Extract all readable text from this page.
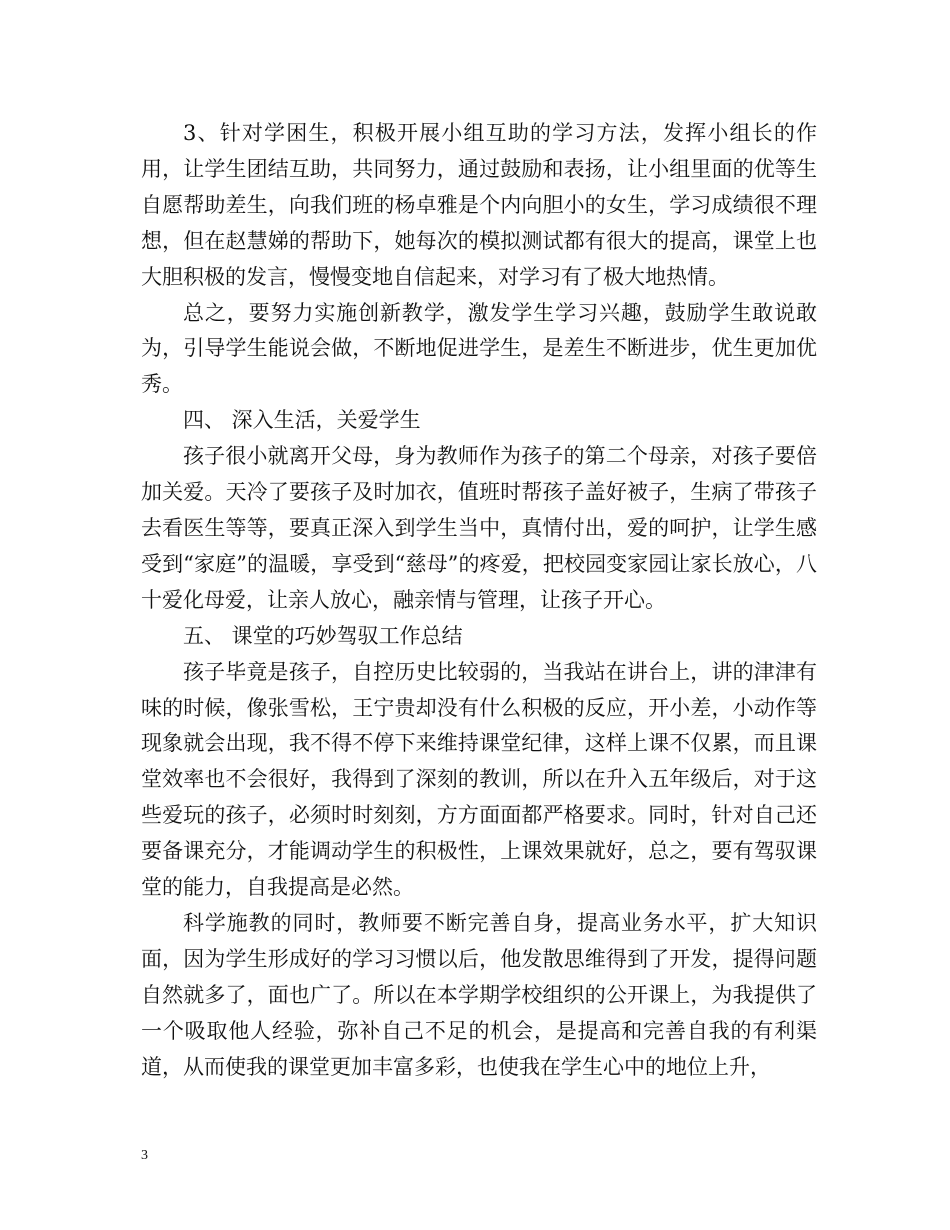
3、针对学困生，积极开展小组互助的学习方法，发挥小组长的作用，让学生团结互助，共同努力，通过鼓励和表扬，让小组里面的优等生自愿帮助差生，向我们班的杨卓雅是个内向胆小的女生，学习成绩很不理想，但在赵慧娣的帮助下，她每次的模拟测试都有很大的提高，课堂上也大胆积极的发言，慢慢变地自信起来，对学习有了极大地热情。

总之，要努力实施创新教学，激发学生学习兴趣，鼓励学生敢说敢为，引导学生能说会做，不断地促进学生，是差生不断进步，优生更加优秀。

四、 深入生活，关爱学生

孩子很小就离开父母，身为教师作为孩子的第二个母亲，对孩子要倍加关爱。天冷了要孩子及时加衣，值班时帮孩子盖好被子，生病了带孩子去看医生等等，要真正深入到学生当中，真情付出，爱的呵护，让学生感受到“家庭”的温暖，享受到“慈母”的疼爱，把校园变家园让家长放心，八十爱化母爱，让亲人放心，融亲情与管理，让孩子开心。

五、 课堂的巧妙驾驭工作总结

孩子毕竟是孩子，自控历史比较弱的，当我站在讲台上，讲的津津有味的时候，像张雪松，王宁贵却没有什么积极的反应，开小差，小动作等现象就会出现，我不得不停下来维持课堂纪律，这样上课不仅累，而且课堂效率也不会很好，我得到了深刻的教训，所以在升入五年级后，对于这些爱玩的孩子，必须时时刻刻，方方面面都严格要求。同时，针对自己还要备课充分，才能调动学生的积极性，上课效果就好，总之，要有驾驭课堂的能力，自我提高是必然。

科学施教的同时，教师要不断完善自身，提高业务水平，扩大知识面，因为学生形成好的学习习惯以后，他发散思维得到了开发，提得问题自然就多了，面也广了。所以在本学期学校组织的公开课上，为我提供了一个吸取他人经验，弥补自己不足的机会，是提高和完善自我的有利渠道，从而使我的课堂更加丰富多彩，也使我在学生心中的地位上升，

3
